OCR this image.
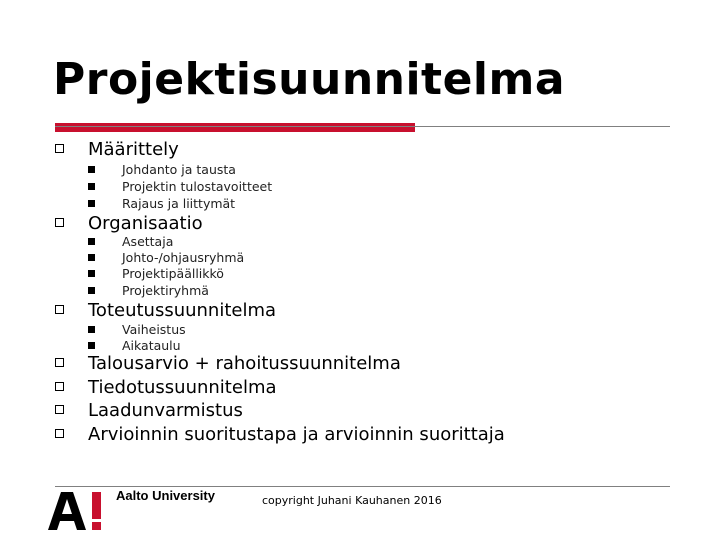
Projektisuunnitelma
Määrittely
Johdanto ja tausta
Projektin tulostavoitteet
Rajaus ja liittymät
Organisaatio
Asettaja
Johto-/ohjausryhmä
Projektipäällikkö
Projektiryhmä
Toteutussuunnitelma
Vaiheistus
Aikataulu
Talousarvio + rahoitussuunnitelma
Tiedotussuunnitelma
Laadunvarmistus
Arvioinnin suoritustapa ja arvioinnin suorittaja
Aalto University	copyright Juhani Kauhanen 2016
